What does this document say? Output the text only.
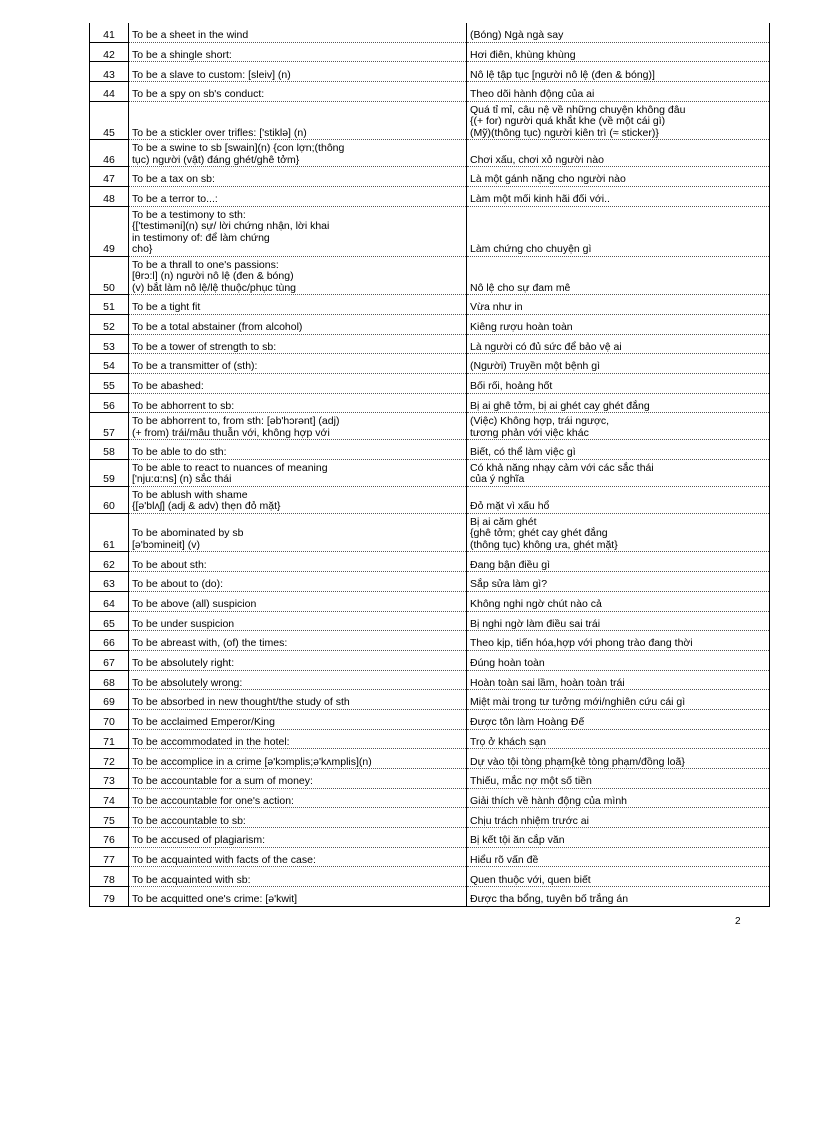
41	To be a sheet in the wind	(Bóng) Ngà ngà say
42	To be a shingle short:	Hơi điên, khùng khùng
43	To be a slave to custom: [sleiv] (n)	Nô lệ tập tục [người nô lệ (đen & bóng)]
44	To be a spy on sb's conduct:	Theo dõi hành động của ai
45	To be a stickler over trifles: ['stiklə] (n)	Quá tỉ mỉ, câu nệ về những chuyện không đâu
{(+ for) người quá khắt khe (về một cái gì)
(Mỹ)(thông tục) người kiên trì (≈ sticker)}
46	To be a swine to sb [swain](n) {con lợn;(thông
tục) người (vật) đáng ghét/ghê tởm}	Chơi xấu, chơi xỏ người nào
47	To be a tax on sb:	Là một gánh nặng cho người nào
48	To be a terror to...:	Làm một mối kinh hãi đối với..
49	To be a testimony to sth:
{['testiməni](n) sự/ lời chứng nhận, lời khai
in testimony of: để làm chứng
cho}	Làm chứng cho chuyện gì
50	To be a thrall to one's passions:
[θrɔ:l] (n) người nô lệ (đen & bóng)
(v) bắt làm nô lệ/lệ thuộc/phục tùng	Nô lệ cho sự đam mê
51	To be a tight fit	Vừa như in
52	To be a total abstainer (from alcohol)	Kiêng rượu hoàn toàn
53	To be a tower of strength to sb:	Là người có đủ sức để bảo vệ ai
54	To be a transmitter of (sth):	(Người) Truyền một bệnh gì
55	To be abashed:	Bối rối, hoảng hốt
56	To be abhorrent to sb:	Bị ai ghê tởm, bị ai ghét cay ghét đắng
57	To be abhorrent to, from sth: [əb'hɔrənt] (adj)
(+ from) trái/mâu thuẫn với, không hợp với	(Việc) Không hợp, trái ngược,
tương phản với việc khác
58	To be able to do sth:	Biết, có thể làm việc gì
59	To be able to react to nuances of meaning
['nju:ɑ:ns] (n) sắc thái	Có khả năng nhạy cảm với các sắc thái
của ý nghĩa
60	To be ablush with shame
{[ə'blʌʃ] (adj & adv) thẹn đỏ mặt}	Đỏ mặt vì xấu hổ
61	To be abominated by sb
[ə'bɔmineit] (v)	Bị ai căm ghét
{ghê tởm; ghét cay ghét đắng
(thông tục) không ưa, ghét mặt}
62	To be about sth:	Đang bận điều gì
63	To be about to (do):	Sắp sửa làm gì?
64	To be above (all) suspicion	Không nghi ngờ chút nào cả
65	To be under suspicion	Bị nghi ngờ làm điều sai trái
66	To be abreast with, (of) the times:	Theo kịp, tiến hóa,hợp với phong trào đang thời
67	To be absolutely right:	Đúng hoàn toàn
68	To be absolutely wrong:	Hoàn toàn sai lầm, hoàn toàn trái
69	To be absorbed in new thought/the study of sth	Miệt mài trong tư tưởng mới/nghiên cứu cái gì
70	To be acclaimed Emperor/King	Được tôn làm Hoàng Đế
71	To be accommodated in the hotel:	Trọ ở khách sạn
72	To be accomplice in a crime [ə'kɔmplis;ə'kʌmplis](n)	Dự vào tội tòng phạm{kẻ tòng phạm/đồng loã}
73	To be accountable for a sum of money:	Thiếu, mắc nợ một số tiền
74	To be accountable for one's action:	Giải thích về hành động của mình
75	To be accountable to sb:	Chịu trách nhiệm trước ai
76	To be accused of plagiarism:	Bị kết tội ăn cắp văn
77	To be acquainted with facts of the case:	Hiểu rõ vấn đề
78	To be acquainted with sb:	Quen thuộc với, quen biết
79	To be acquitted one's crime: [ə'kwit]	Được tha bổng, tuyên bố trắng án
2
